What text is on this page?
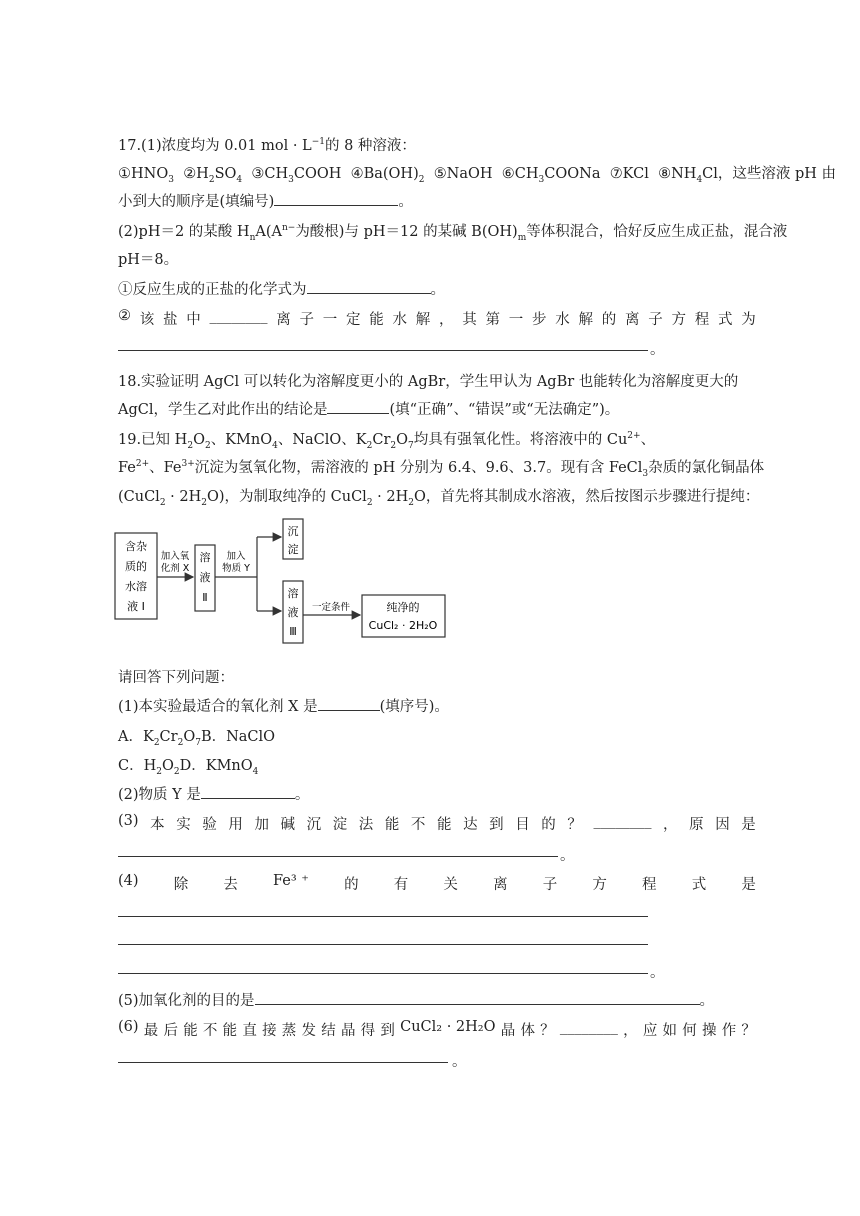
17.(1)浓度均为 0.01 mol · $L^{-1}$的 8 种溶液：
$①HNO_3$ $②H_2SO_4$ $③CH_3COOH$  $④Ba(OH)_2$ ⑤NaOH $⑥CH_3COONa$  ⑦KCl $⑧NH_4Cl$，这些溶液 pH 由
小到大的顺序是(填编号)	。
(2)pH＝2 的某酸 $H_nA(A^{n-}$为酸根)与 pH＝12 的某碱 $B(OH)_m$等体积混合，恰好反应生成正盐，混合液
pH＝8。
①反应生成的正盐的化学式为	。
② 该 盐 中 ________ 离 子 一 定 能 水 解 ， 其 第 一 步 水 解 的 离 子 方 程 式 为
。
18.实验证明 AgCl 可以转化为溶解度更小的 AgBr，学生甲认为 AgBr 也能转化为溶解度更大的
AgCl，学生乙对此作出的结论是	(填“正确”、“错误”或“无法确定”)。
19.已知 $H_2O_2$、KMnO$_4$、NaClO、$K_2Cr_2O_7$均具有强氧化性。将溶液中的 $Cu^{2+}$、
$Fe^{2+}$、$Fe^{3+}$沉淀为氢氧化物，需溶液的 pH 分别为 6.4、9.6、3.7。现有含 FeCl$_3$杂质的氯化铜晶体
(CuCl$_2$ · $2H_2O$)，为制取纯净的 CuCl$_2$ · $2H_2O$，首先将其制成水溶液，然后按图示步骤进行提纯：
含杂
质的
水溶
液 Ⅰ
加入氧
化剂 X
溶
液
Ⅱ
加入
物质 Y
沉
淀
溶
液
Ⅲ
一定条件	纯净的
CuCl₂ · 2H₂O
请回答下列问题：
(1)本实验最适合的氧化剂 X 是	(填序号)。
A．$K_2Cr_2O_7B$．NaClO
C．$H_2O_2D$．KMnO$_4$
(2)物质 Y 是	。
(3) 本 实 验 用 加 碱 沉 淀 法 能 不 能 达 到 目 的 ？ ________ ， 原 因 是
。
(4) 除 去 Fe³ ⁺ 的 有 关 离 子 方 程 式 是
。
(5)加氧化剂的目的是	。
(6) 最 后 能 不 能 直 接 蒸 发 结 晶 得 到 CuCl₂ · 2H₂O 晶 体 ？ ________ ， 应 如 何 操 作 ？
。
